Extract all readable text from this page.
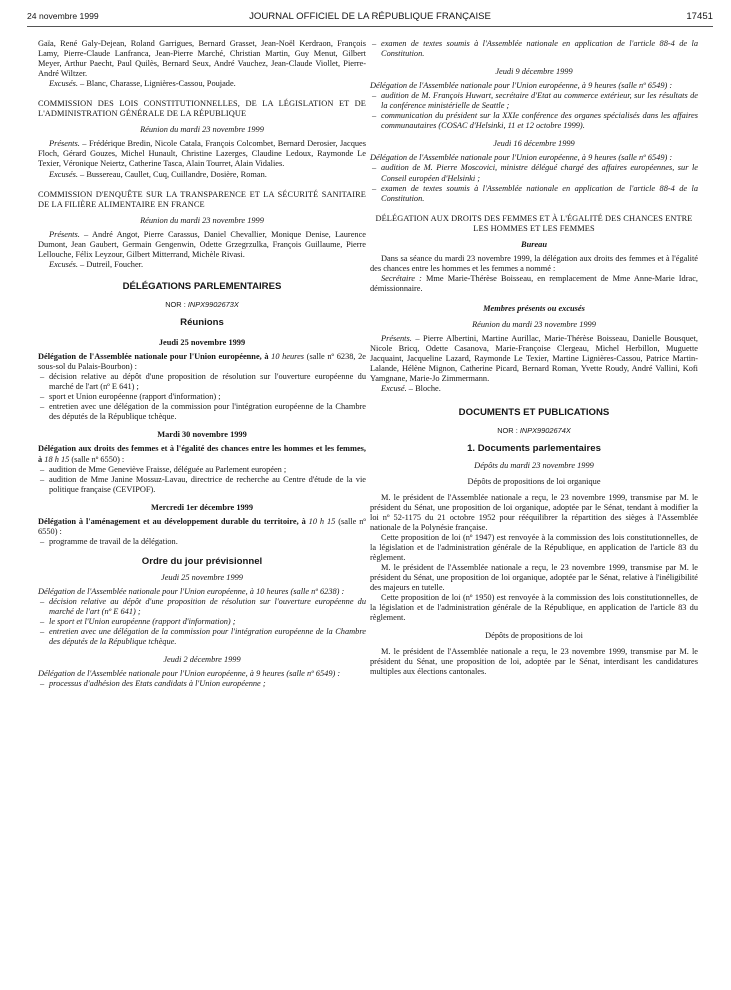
24 novembre 1999	JOURNAL OFFICIEL DE LA RÉPUBLIQUE FRANÇAISE	17451

Gaïa, René Galy-Dejean, Roland Garrigues, Bernard Grasset, Jean-Noël Kerdraon, François Lamy, Pierre-Claude Lanfranca, Jean-Pierre Marché, Christian Martin, Guy Menut, Gilbert Meyer, Arthur Paecht, Paul Quilès, Bernard Seux, André Vauchez, Jean-Claude Viollet, Pierre-André Wiltzer.

Excusés. – Blanc, Charasse, Lignières-Cassou, Poujade.

COMMISSION DES LOIS CONSTITUTIONNELLES, DE LA LÉGISLATION ET DE L'ADMINISTRATION GÉNÉRALE DE LA RÉPUBLIQUE

Réunion du mardi 23 novembre 1999

Présents. – Frédérique Bredin, Nicole Catala, François Colcombet, Bernard Derosier, Jacques Floch, Gérard Gouzes, Michel Hunault, Christine Lazerges, Claudine Ledoux, Raymonde Le Texier, Véronique Neiertz, Catherine Tasca, Alain Tourret, Alain Vidalies.

Excusés. – Bussereau, Caullet, Cuq, Cuillandre, Dosière, Roman.

COMMISSION D'ENQUÊTE SUR LA TRANSPARENCE ET LA SÉCURITÉ SANITAIRE DE LA FILIÈRE ALIMENTAIRE EN FRANCE

Réunion du mardi 23 novembre 1999

Présents. – André Angot, Pierre Carassus, Daniel Chevallier, Monique Denise, Laurence Dumont, Jean Gaubert, Germain Gengenwin, Odette Grzegrzulka, François Guillaume, Pierre Lellouche, Félix Leyzour, Gilbert Mitterrand, Michèle Rivasi.

Excusés. – Dutreil, Foucher.

DÉLÉGATIONS PARLEMENTAIRES

NOR : INPX9902673X

Réunions

Jeudi 25 novembre 1999

Délégation de l'Assemblée nationale pour l'Union européenne, à 10 heures (salle nº 6238, 2e sous-sol du Palais-Bourbon) :

– décision relative au dépôt d'une proposition de résolution sur l'ouverture européenne du marché de l'art (nº E 641) ;
– sport et Union européenne (rapport d'information) ;
– entretien avec une délégation de la commission pour l'intégration européenne de la Chambre des députés de la République tchèque.

Mardi 30 novembre 1999

Délégation aux droits des femmes et à l'égalité des chances entre les hommes et les femmes, à 18 h 15 (salle nº 6550) :

– audition de Mme Geneviève Fraisse, déléguée au Parlement européen ;
– audition de Mme Janine Mossuz-Lavau, directrice de recherche au Centre d'étude de la vie politique française (CEVIPOF).

Mercredi 1er décembre 1999

Délégation à l'aménagement et au développement durable du territoire, à 10 h 15 (salle nº 6550) :

– programme de travail de la délégation.

Ordre du jour prévisionnel

Jeudi 25 novembre 1999

Délégation de l'Assemblée nationale pour l'Union européenne, à 10 heures (salle nº 6238) :

– décision relative au dépôt d'une proposition de résolution sur l'ouverture européenne du marché de l'art (nº E 641) ;
– le sport et l'Union européenne (rapport d'information) ;
– entretien avec une délégation de la commission pour l'intégration européenne de la Chambre des députés de la République tchèque.

Jeudi 2 décembre 1999

Délégation de l'Assemblée nationale pour l'Union européenne, à 9 heures (salle nº 6549) :

– processus d'adhésion des Etats candidats à l'Union européenne ;
– examen de textes soumis à l'Assemblée nationale en application de l'article 88-4 de la Constitution.

Jeudi 9 décembre 1999

Délégation de l'Assemblée nationale pour l'Union européenne, à 9 heures (salle nº 6549) :

– audition de M. François Huwart, secrétaire d'Etat au commerce extérieur, sur les résultats de la conférence ministérielle de Seattle ;
– communication du président sur la XXIe conférence des organes spécialisés dans les affaires communautaires (COSAC d'Helsinki, 11 et 12 octobre 1999).

Jeudi 16 décembre 1999

Délégation de l'Assemblée nationale pour l'Union européenne, à 9 heures (salle nº 6549) :

– audition de M. Pierre Moscovici, ministre délégué chargé des affaires européennes, sur le Conseil européen d'Helsinki ;
– examen de textes soumis à l'Assemblée nationale en application de l'article 88-4 de la Constitution.

DÉLÉGATION AUX DROITS DES FEMMES ET À L'ÉGALITÉ DES CHANCES ENTRE LES HOMMES ET LES FEMMES

Bureau

Dans sa séance du mardi 23 novembre 1999, la délégation aux droits des femmes et à l'égalité des chances entre les hommes et les femmes a nommé :

Secrétaire : Mme Marie-Thérèse Boisseau, en remplacement de Mme Anne-Marie Idrac, démissionnaire.

Membres présents ou excusés

Réunion du mardi 23 novembre 1999

Présents. – Pierre Albertini, Martine Aurillac, Marie-Thérèse Boisseau, Danielle Bousquet, Nicole Bricq, Odette Casanova, Marie-Françoise Clergeau, Michel Herbillon, Muguette Jacquaint, Jacqueline Lazard, Raymonde Le Texier, Martine Lignières-Cassou, Patrice Martin-Lalande, Hélène Mignon, Catherine Picard, Bernard Roman, Yvette Roudy, André Vallini, Kofi Yamgnane, Marie-Jo Zimmermann.

Excusé. – Bloche.

DOCUMENTS ET PUBLICATIONS

NOR : INPX9902674X

1. Documents parlementaires

Dépôts du mardi 23 novembre 1999

Dépôts de propositions de loi organique

M. le président de l'Assemblée nationale a reçu, le 23 novembre 1999, transmise par M. le président du Sénat, une proposition de loi organique, adoptée par le Sénat, tendant à modifier la loi nº 52-1175 du 21 octobre 1952 pour rééquilibrer la répartition des sièges à l'Assemblée nationale de la Polynésie française.

Cette proposition de loi (nº 1947) est renvoyée à la commission des lois constitutionnelles, de la législation et de l'administration générale de la République, en application de l'article 83 du règlement.

M. le président de l'Assemblée nationale a reçu, le 23 novembre 1999, transmise par M. le président du Sénat, une proposition de loi organique, adoptée par le Sénat, relative à l'inéligibilité des majeurs en tutelle.

Cette proposition de loi (nº 1950) est renvoyée à la commission des lois constitutionnelles, de la législation et de l'administration générale de la République, en application de l'article 83 du règlement.

Dépôts de propositions de loi

M. le président de l'Assemblée nationale a reçu, le 23 novembre 1999, transmise par M. le président du Sénat, une proposition de loi, adoptée par le Sénat, interdisant les candidatures multiples aux élections cantonales.
